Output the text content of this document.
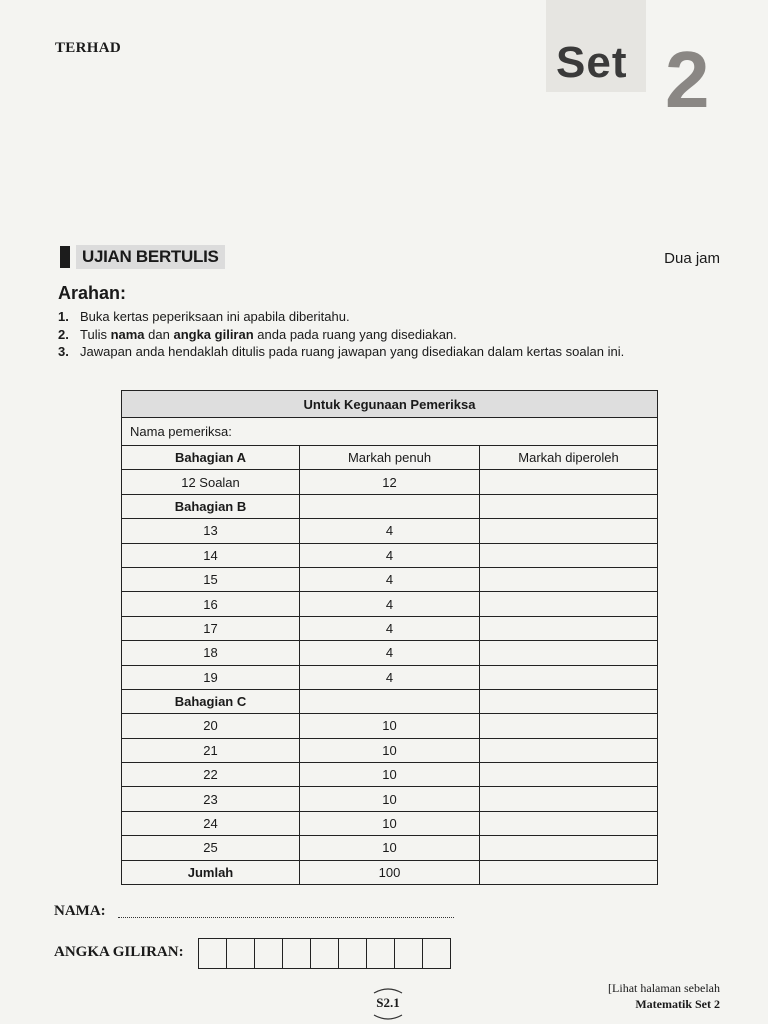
TERHAD	Set 2
UJIAN BERTULIS	Dua jam
Arahan:
1. Buka kertas peperiksaan ini apabila diberitahu.
2. Tulis nama dan angka giliran anda pada ruang yang disediakan.
3. Jawapan anda hendaklah ditulis pada ruang jawapan yang disediakan dalam kertas soalan ini.
Untuk Kegunaan Pemeriksa		
Nama pemeriksa:		
Bahagian A	Markah penuh	Markah diperoleh
12 Soalan	12	
Bahagian B		
13	4	
14	4	
15	4	
16	4	
17	4	
18	4	
19	4	
Bahagian C		
20	10	
21	10	
22	10	
23	10	
24	10	
25	10	
Jumlah	100	
NAMA:
ANGKA GILIRAN:
S2.1
[Lihat halaman sebelah
Matematik Set 2
